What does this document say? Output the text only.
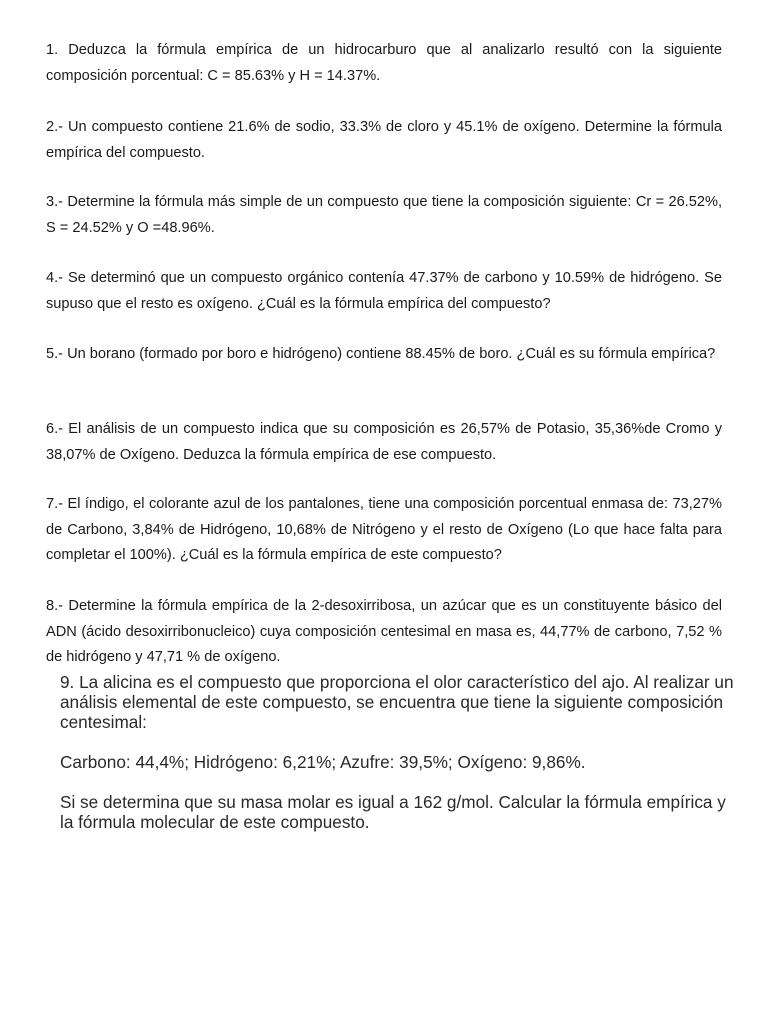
1. Deduzca la fórmula empírica de un hidrocarburo que al analizarlo resultó con la siguiente composición porcentual: C = 85.63% y H = 14.37%.

2.- Un compuesto contiene 21.6% de sodio, 33.3% de cloro y 45.1% de oxígeno. Determine la fórmula empírica del compuesto.

3.- Determine la fórmula más simple de un compuesto que tiene la composición siguiente: Cr = 26.52%, S = 24.52% y O =48.96%.

4.- Se determinó que un compuesto orgánico contenía 47.37% de carbono y 10.59% de hidrógeno. Se supuso que el resto es oxígeno. ¿Cuál es la fórmula empírica del compuesto?

5.- Un borano (formado por boro e hidrógeno) contiene 88.45% de boro. ¿Cuál es su fórmula empírica?

6.- El análisis de un compuesto indica que su composición es 26,57% de Potasio, 35,36%de Cromo y 38,07% de Oxígeno. Deduzca la fórmula empírica de ese compuesto.

7.- El índigo, el colorante azul de los pantalones, tiene una composición porcentual enmasa de: 73,27% de Carbono, 3,84% de Hidrógeno, 10,68% de Nitrógeno y el resto de Oxígeno (Lo que hace falta para completar el 100%). ¿Cuál es la fórmula empírica de este compuesto?

8.- Determine la fórmula empírica de la 2-desoxirribosa, un azúcar que es un constituyente básico del ADN (ácido desoxirribonucleico) cuya composición centesimal en masa es, 44,77% de carbono, 7,52 % de hidrógeno y 47,71 % de oxígeno.

9. La alicina es el compuesto que proporciona el olor característico del ajo. Al realizar un análisis elemental de este compuesto, se encuentra que tiene la siguiente composición centesimal:

Carbono: 44,4%; Hidrógeno: 6,21%; Azufre: 39,5%; Oxígeno: 9,86%.

Si se determina que su masa molar es igual a 162 g/mol. Calcular la fórmula empírica y la fórmula molecular de este compuesto.
